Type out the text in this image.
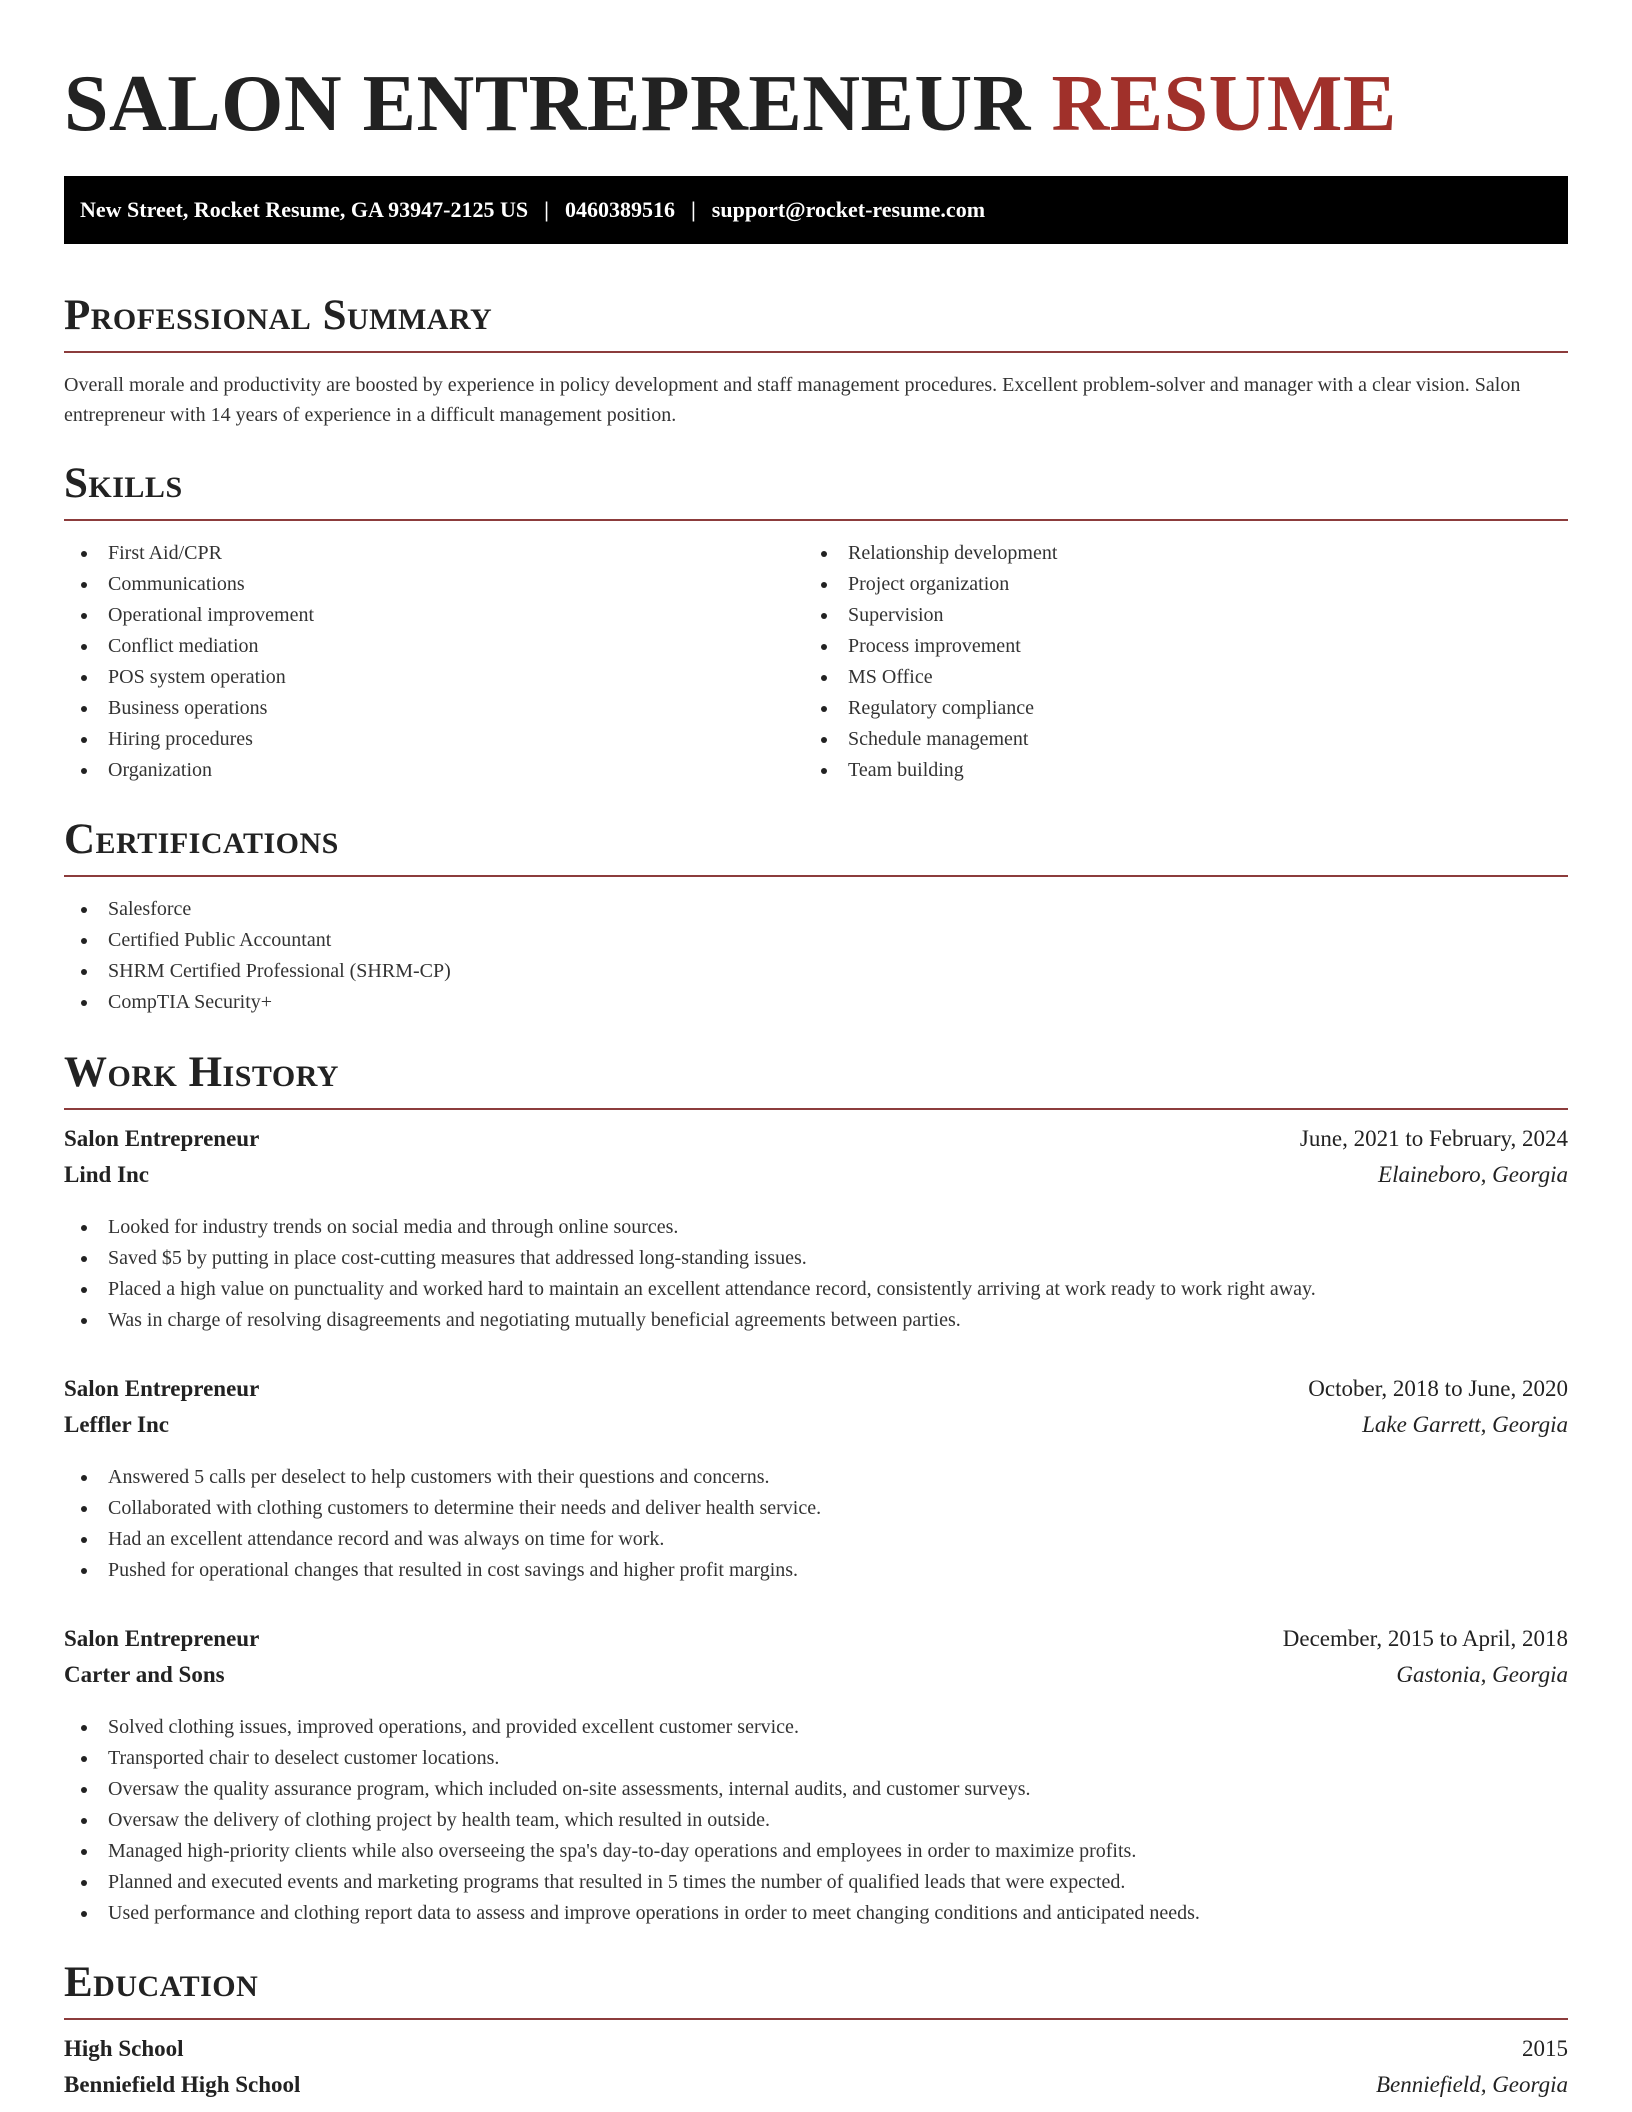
SALON ENTREPRENEUR RESUME
New Street, Rocket Resume, GA 93947-2125 US | 0460389516 | support@rocket-resume.com
Professional Summary

Overall morale and productivity are boosted by experience in policy development and staff management procedures. Excellent problem-solver and manager with a clear vision. Salon entrepreneur with 14 years of experience in a difficult management position.

Skills
First Aid/CPR
Communications
Operational improvement
Conflict mediation
POS system operation
Business operations
Hiring procedures
Organization
Relationship development
Project organization
Supervision
Process improvement
MS Office
Regulatory compliance
Schedule management
Team building
Certifications
Salesforce
Certified Public Accountant
SHRM Certified Professional (SHRM-CP)
CompTIA Security+
Work History
Salon Entrepreneur	June, 2021 to February, 2024
Lind Inc	Elaineboro, Georgia
Looked for industry trends on social media and through online sources.
Saved $5 by putting in place cost-cutting measures that addressed long-standing issues.
Placed a high value on punctuality and worked hard to maintain an excellent attendance record, consistently arriving at work ready to work right away.
Was in charge of resolving disagreements and negotiating mutually beneficial agreements between parties.
Salon Entrepreneur	October, 2018 to June, 2020
Leffler Inc	Lake Garrett, Georgia
Answered 5 calls per deselect to help customers with their questions and concerns.
Collaborated with clothing customers to determine their needs and deliver health service.
Had an excellent attendance record and was always on time for work.
Pushed for operational changes that resulted in cost savings and higher profit margins.
Salon Entrepreneur	December, 2015 to April, 2018
Carter and Sons	Gastonia, Georgia
Solved clothing issues, improved operations, and provided excellent customer service.
Transported chair to deselect customer locations.
Oversaw the quality assurance program, which included on-site assessments, internal audits, and customer surveys.
Oversaw the delivery of clothing project by health team, which resulted in outside.
Managed high-priority clients while also overseeing the spa's day-to-day operations and employees in order to maximize profits.
Planned and executed events and marketing programs that resulted in 5 times the number of qualified leads that were expected.
Used performance and clothing report data to assess and improve operations in order to meet changing conditions and anticipated needs.
Education
High School	2015
Benniefield High School	Benniefield, Georgia
